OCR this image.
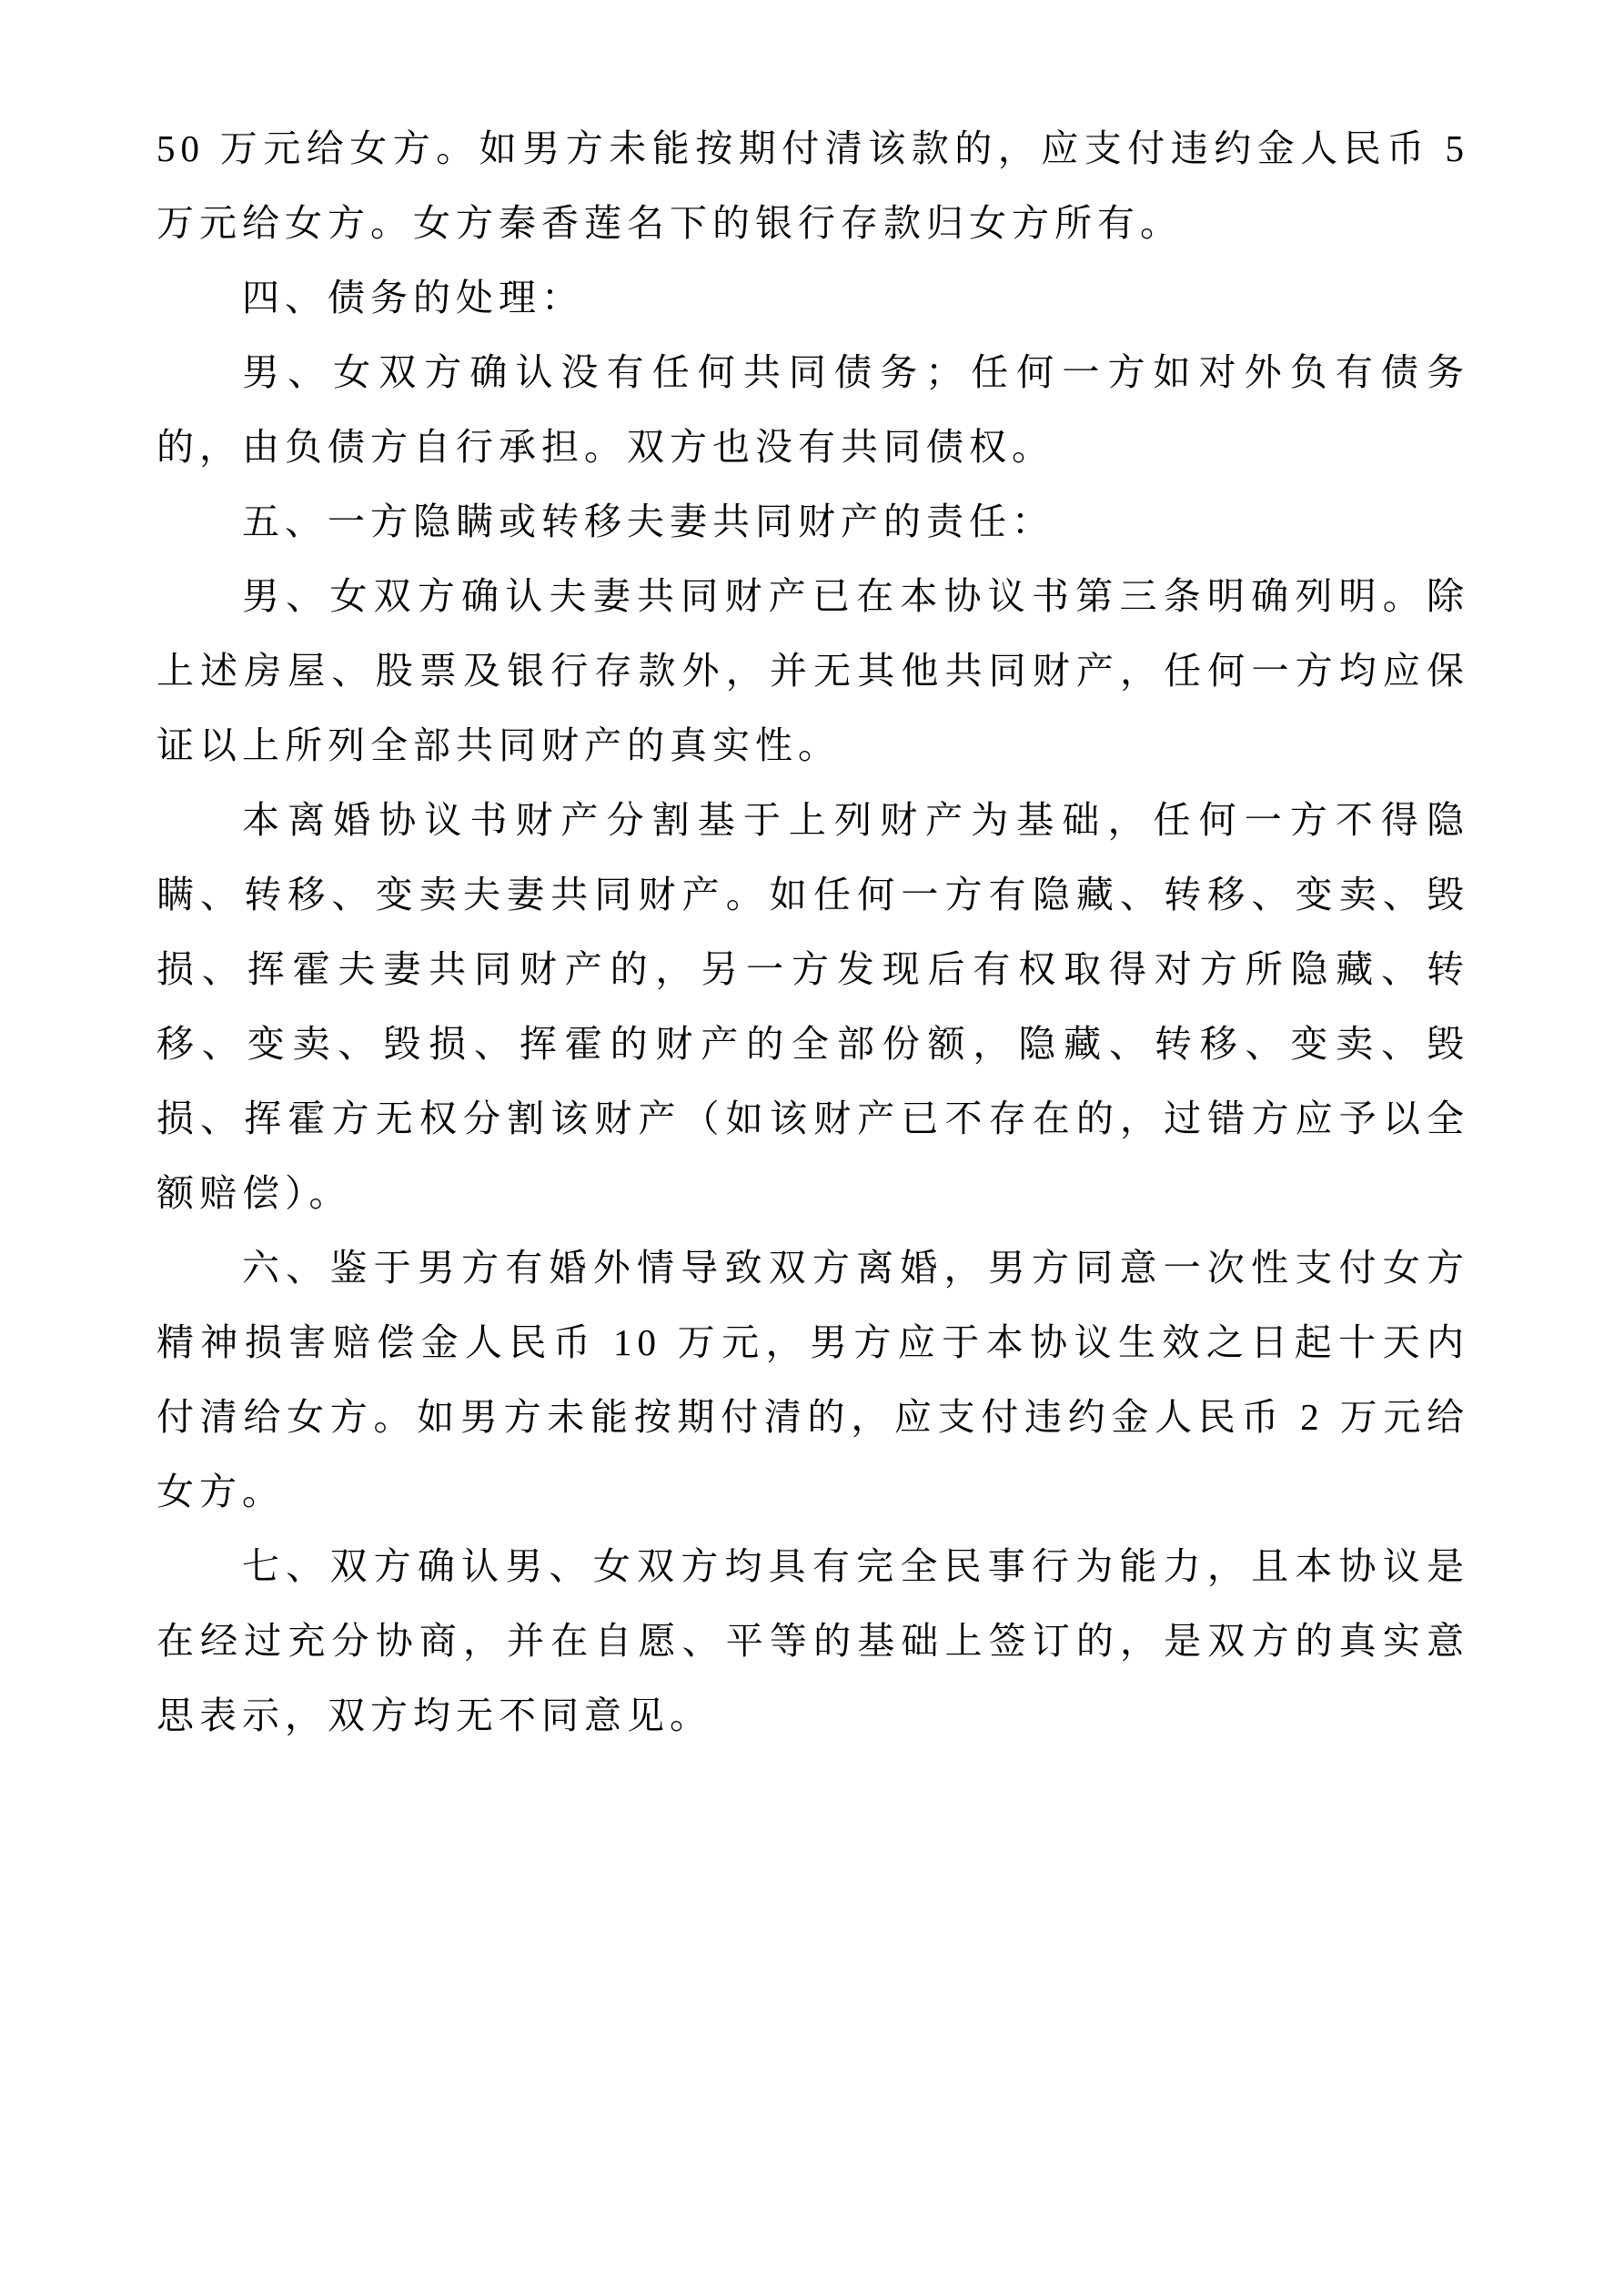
50 万元给女方。如男方未能按期付清该款的，应支付违约金人民币 5 万元给女方。女方秦香莲名下的银行存款归女方所有。

四、债务的处理：

男、女双方确认没有任何共同债务；任何一方如对外负有债务的，由负债方自行承担。双方也没有共同债权。

五、一方隐瞒或转移夫妻共同财产的责任：

男、女双方确认夫妻共同财产已在本协议书第三条明确列明。除上述房屋、股票及银行存款外，并无其他共同财产，任何一方均应保证以上所列全部共同财产的真实性。

本离婚协议书财产分割基于上列财产为基础，任何一方不得隐瞒、转移、变卖夫妻共同财产。如任何一方有隐藏、转移、变卖、毁损、挥霍夫妻共同财产的，另一方发现后有权取得对方所隐藏、转移、变卖、毁损、挥霍的财产的全部份额，隐藏、转移、变卖、毁损、挥霍方无权分割该财产（如该财产已不存在的，过错方应予以全额赔偿）。

六、鉴于男方有婚外情导致双方离婚，男方同意一次性支付女方精神损害赔偿金人民币 10 万元，男方应于本协议生效之日起十天内付清给女方。如男方未能按期付清的，应支付违约金人民币 2 万元给女方。

七、双方确认男、女双方均具有完全民事行为能力，且本协议是在经过充分协商，并在自愿、平等的基础上签订的，是双方的真实意思表示，双方均无不同意见。
